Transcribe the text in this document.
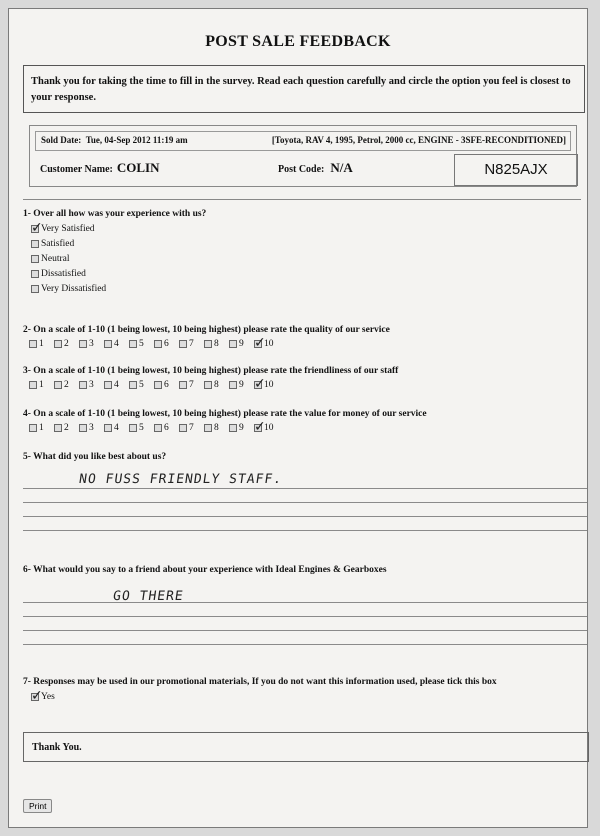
POST SALE FEEDBACK
Thank you for taking the time to fill in the survey. Read each question carefully and circle the option you feel is closest to your response.
Sold Date: Tue, 04-Sep 2012 11:19 am	[Toyota, RAV 4, 1995, Petrol, 2000 cc, ENGINE - 3SFE-RECONDITIONED]
Customer Name: COLIN	Post Code: N/A	N825AJX
1- Over all how was your experience with us?
✓
Very Satisfied
Satisfied
Neutral
Dissatisfied
Very Dissatisfied
2- On a scale of 1-10 (1 being lowest, 10 being highest) please rate the quality of our service
1 2 3 4 5 6 7 8 9 ✓
10
3- On a scale of 1-10 (1 being lowest, 10 being highest) please rate the friendliness of our staff
1 2 3 4 5 6 7 8 9 ✓
10
4- On a scale of 1-10 (1 being lowest, 10 being highest) please rate the value for money of our service
1 2 3 4 5 6 7 8 9 ✓
10
5- What did you like best about us?
NO FUSS FRIENDLY STAFF.
6- What would you say to a friend about your experience with Ideal Engines & Gearboxes
GO THERE
7- Responses may be used in our promotional materials, If you do not want this information used, please tick this box
✓
Yes
Thank You.
Print
